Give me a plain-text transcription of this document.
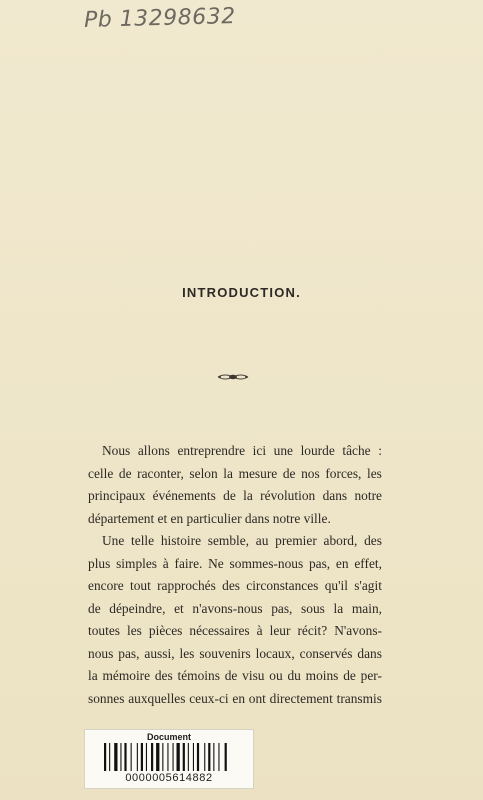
Pb 13298632
INTRODUCTION.
Nous allons entreprendre ici une lourde tâche :
celle de raconter, selon la mesure de nos forces, les
principaux événements de la révolution dans notre
département et en particulier dans notre ville.
Une telle histoire semble, au premier abord, des
plus simples à faire. Ne sommes-nous pas, en effet,
encore tout rapprochés des circonstances qu'il s'agit
de dépeindre, et n'avons-nous pas, sous la main,
toutes les pièces nécessaires à leur récit? N'avons-
nous pas, aussi, les souvenirs locaux, conservés dans
la mémoire des témoins de visu ou du moins de per-
sonnes auxquelles ceux-ci en ont directement transmis
Document
0000005614882
